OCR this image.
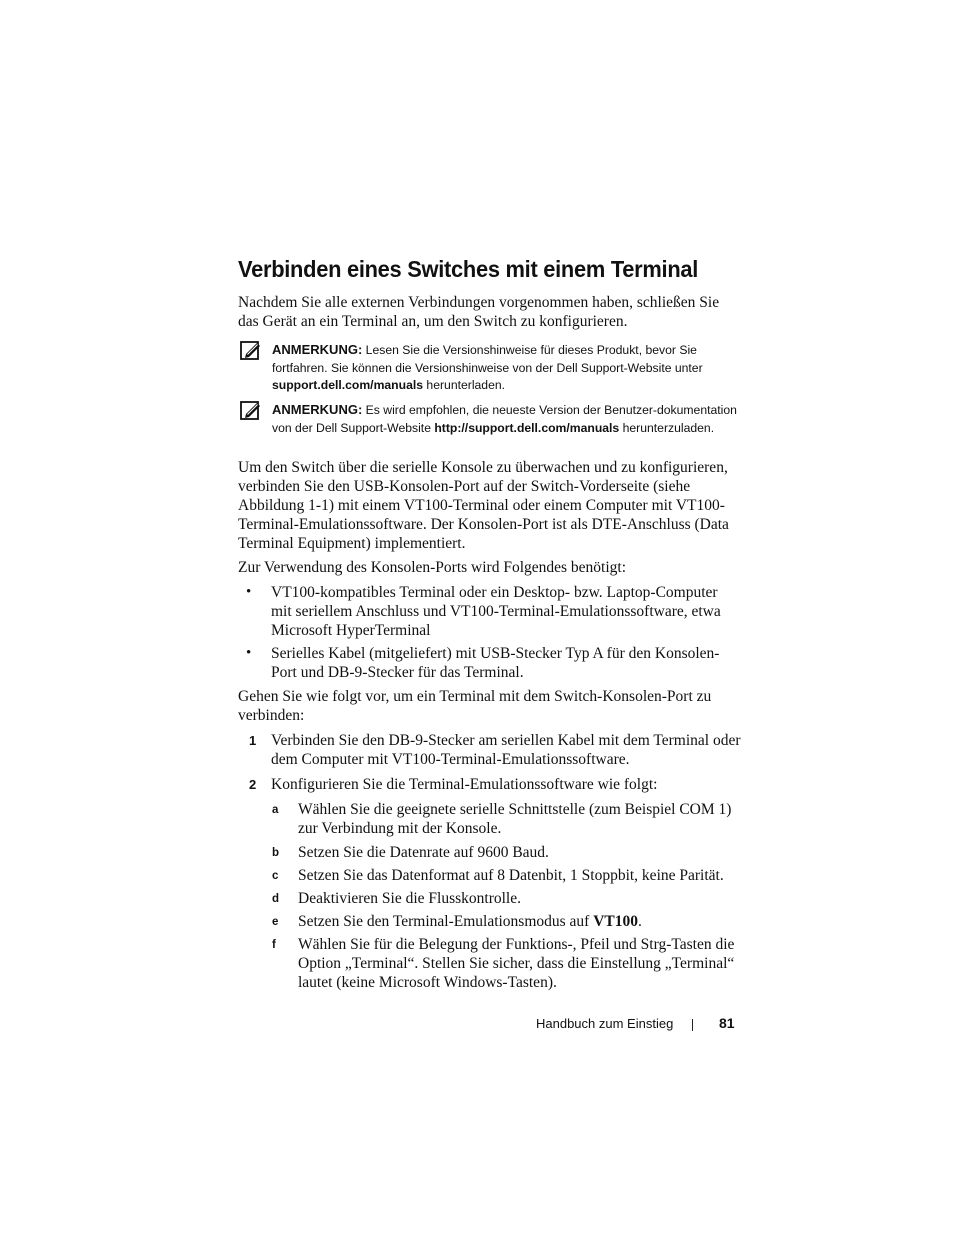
Verbinden eines Switches mit einem Terminal

Nachdem Sie alle externen Verbindungen vorgenommen haben, schließen Sie das Gerät an ein Terminal an, um den Switch zu konfigurieren.

ANMERKUNG: Lesen Sie die Versionshinweise für dieses Produkt, bevor Sie fortfahren. Sie können die Versionshinweise von der Dell Support-Website unter support.dell.com/manuals herunterladen.
ANMERKUNG: Es wird empfohlen, die neueste Version der Benutzer-dokumentation von der Dell Support-Website http://support.dell.com/manuals herunterzuladen.

Um den Switch über die serielle Konsole zu überwachen und zu konfigurieren, verbinden Sie den USB-Konsolen-Port auf der Switch-Vorderseite (siehe Abbildung 1-1) mit einem VT100-Terminal oder einem Computer mit VT100-Terminal-Emulationssoftware. Der Konsolen-Port ist als DTE-Anschluss (Data Terminal Equipment) implementiert.

Zur Verwendung des Konsolen-Ports wird Folgendes benötigt:

• VT100-kompatibles Terminal oder ein Desktop- bzw. Laptop-Computer mit seriellem Anschluss und VT100-Terminal-Emulationssoftware, etwa Microsoft HyperTerminal
• Serielles Kabel (mitgeliefert) mit USB-Stecker Typ A für den Konsolen-Port und DB-9-Stecker für das Terminal.

Gehen Sie wie folgt vor, um ein Terminal mit dem Switch-Konsolen-Port zu verbinden:

1 Verbinden Sie den DB-9-Stecker am seriellen Kabel mit dem Terminal oder dem Computer mit VT100-Terminal-Emulationssoftware.
2 Konfigurieren Sie die Terminal-Emulationssoftware wie folgt:
a Wählen Sie die geeignete serielle Schnittstelle (zum Beispiel COM 1) zur Verbindung mit der Konsole.
b Setzen Sie die Datenrate auf 9600 Baud.
c Setzen Sie das Datenformat auf 8 Datenbit, 1 Stoppbit, keine Parität.
d Deaktivieren Sie die Flusskontrolle.
e Setzen Sie den Terminal-Emulationsmodus auf VT100.
f Wählen Sie für die Belegung der Funktions-, Pfeil und Strg-Tasten die Option „Terminal“. Stellen Sie sicher, dass die Einstellung „Terminal“ lautet (keine Microsoft Windows-Tasten).
Handbuch zum Einstieg	81
